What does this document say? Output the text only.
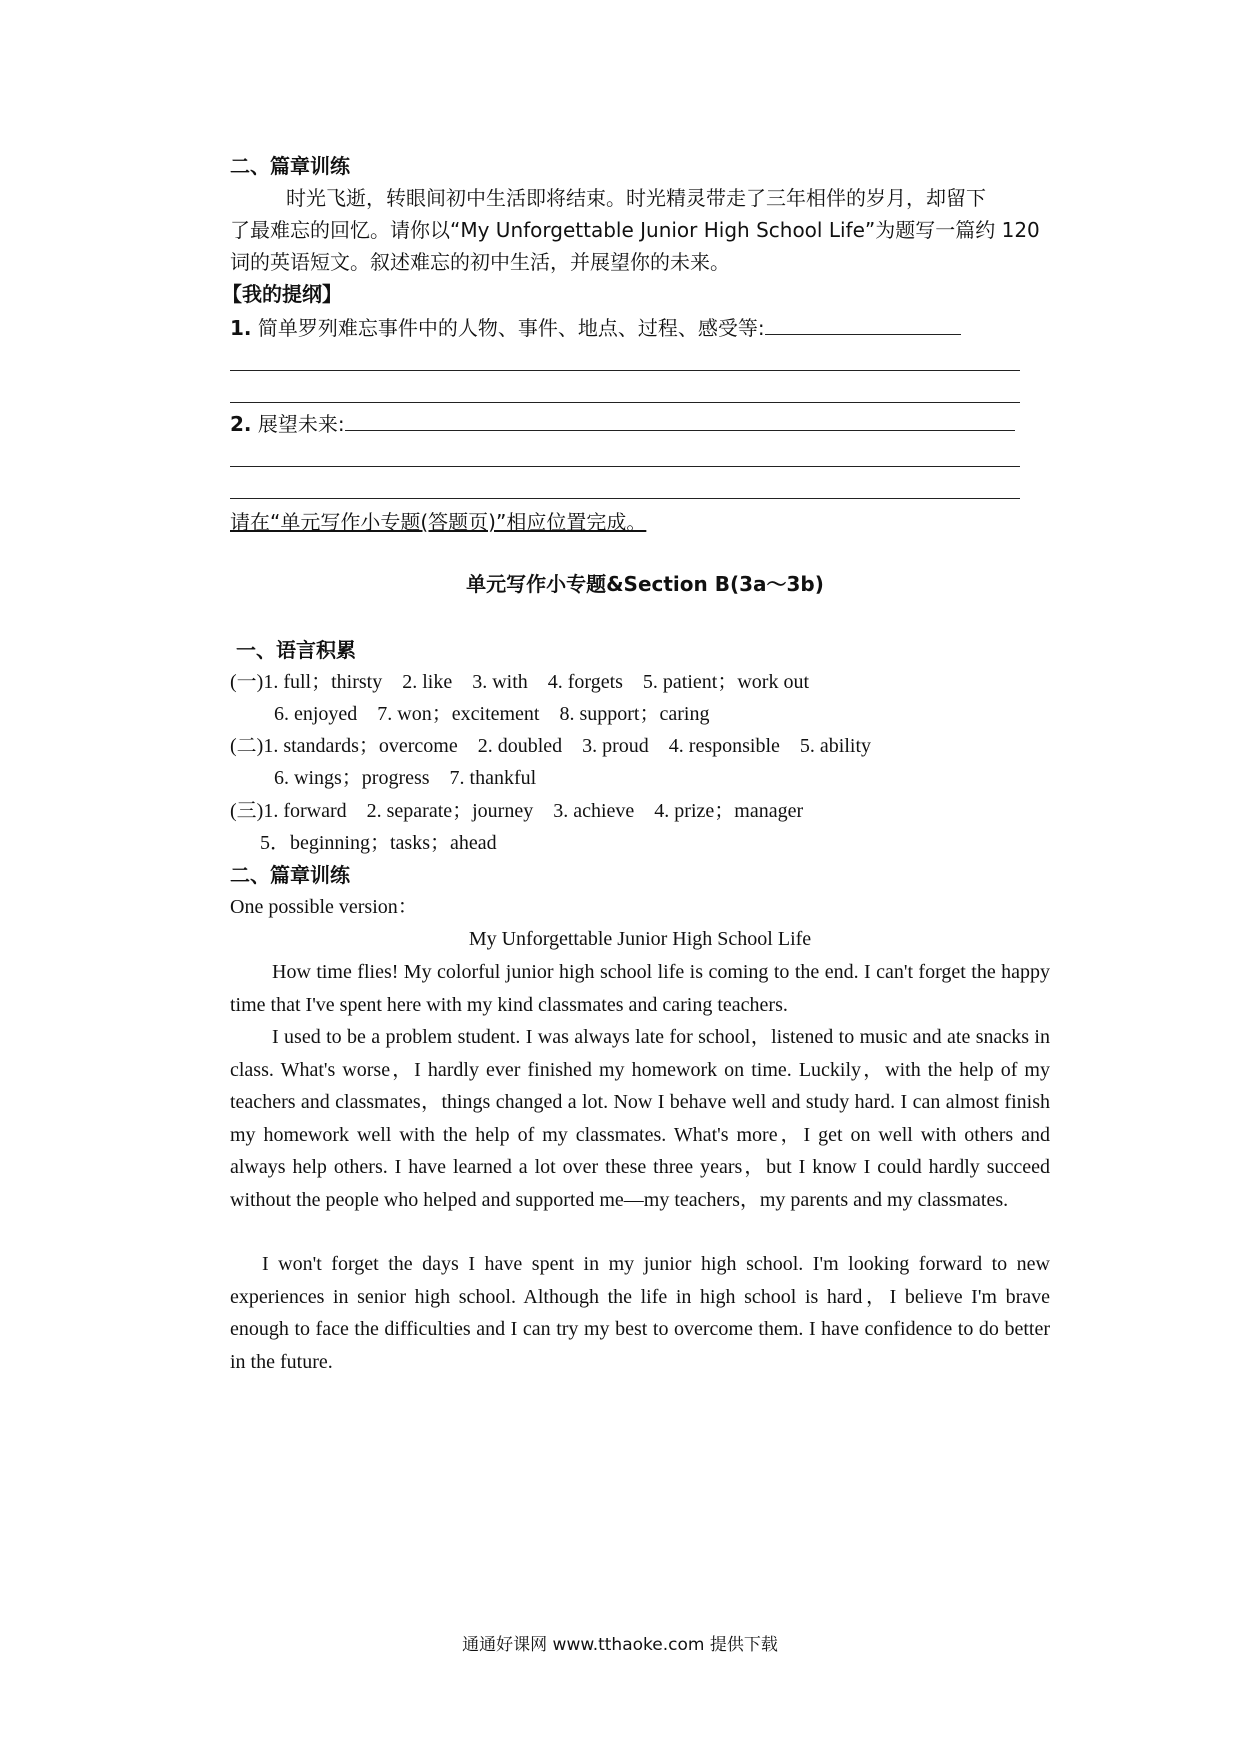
二、篇章训练
时光飞逝，转眼间初中生活即将结束。时光精灵带走了三年相伴的岁月，却留下
了最难忘的回忆。请你以“My Unforgettable Junior High School Life”为题写一篇约 120
词的英语短文。叙述难忘的初中生活，并展望你的未来。
【我的提纲】
1. 简单罗列难忘事件中的人物、事件、地点、过程、感受等:
2. 展望未来:
请在“单元写作小专题(答题页)”相应位置完成。
单元写作小专题&Section B(3a～3b)
一、语言积累
(一)1. full；thirsty　2. like　3. with　4. forgets　5. patient；work out
6. enjoyed　7. won；excitement　8. support；caring
(二)1. standards；overcome　2. doubled　3. proud　4. responsible　5. ability
6. wings；progress　7. thankful
(三)1. forward　2. separate；journey　3. achieve　4. prize；manager
5．beginning；tasks；ahead
二、篇章训练
One possible version：
My Unforgettable Junior High School Life
How time flies! My colorful junior high school life is coming to the end. I can't forget the happy time that I've spent here with my kind classmates and caring teachers.
I used to be a problem student. I was always late for school，listened to music and ate snacks in class. What's worse，I hardly ever finished my homework on time. Luckily，with the help of my teachers and classmates，things changed a lot. Now I behave well and study hard. I can almost finish my homework well with the help of my classmates. What's more，I get on well with others and always help others. I have learned a lot over these three years，but I know I could hardly succeed without the people who helped and supported me—my teachers，my parents and my classmates.
I won't forget the days I have spent in my junior high school. I'm looking forward to new experiences in senior high school. Although the life in high school is hard，I believe I'm brave enough to face the difficulties and I can try my best to overcome them. I have confidence to do better in the future.
通通好课网 www.tthaoke.com 提供下载
